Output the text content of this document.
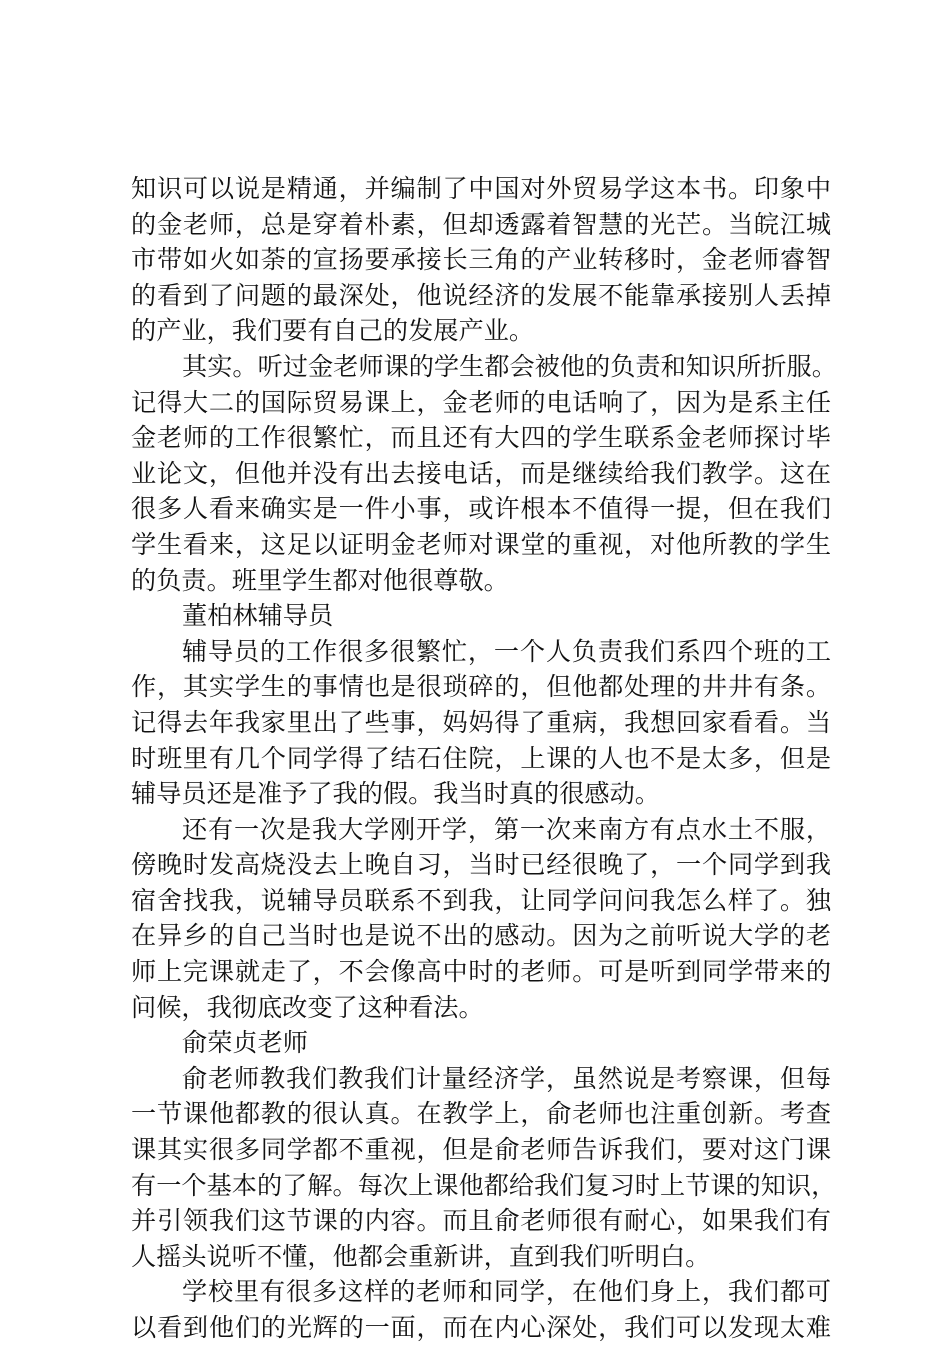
知识可以说是精通，并编制了中国对外贸易学这本书。印象中
的金老师，总是穿着朴素，但却透露着智慧的光芒。当皖江城
市带如火如荼的宣扬要承接长三角的产业转移时，金老师睿智
的看到了问题的最深处，他说经济的发展不能靠承接别人丢掉
的产业，我们要有自己的发展产业。
其实。听过金老师课的学生都会被他的负责和知识所折服。
记得大二的国际贸易课上，金老师的电话响了，因为是系主任
金老师的工作很繁忙，而且还有大四的学生联系金老师探讨毕
业论文，但他并没有出去接电话，而是继续给我们教学。这在
很多人看来确实是一件小事，或许根本不值得一提，但在我们
学生看来，这足以证明金老师对课堂的重视，对他所教的学生
的负责。班里学生都对他很尊敬。
董柏林辅导员
辅导员的工作很多很繁忙，一个人负责我们系四个班的工
作，其实学生的事情也是很琐碎的，但他都处理的井井有条。
记得去年我家里出了些事，妈妈得了重病，我想回家看看。当
时班里有几个同学得了结石住院，上课的人也不是太多，但是
辅导员还是准予了我的假。我当时真的很感动。
还有一次是我大学刚开学，第一次来南方有点水土不服，
傍晚时发高烧没去上晚自习，当时已经很晚了，一个同学到我
宿舍找我，说辅导员联系不到我，让同学问问我怎么样了。独
在异乡的自己当时也是说不出的感动。因为之前听说大学的老
师上完课就走了，不会像高中时的老师。可是听到同学带来的
问候，我彻底改变了这种看法。
俞荣贞老师
俞老师教我们教我们计量经济学，虽然说是考察课，但每
一节课他都教的很认真。在教学上，俞老师也注重创新。考查
课其实很多同学都不重视，但是俞老师告诉我们，要对这门课
有一个基本的了解。每次上课他都给我们复习时上节课的知识，
并引领我们这节课的内容。而且俞老师很有耐心，如果我们有
人摇头说听不懂，他都会重新讲，直到我们听明白。
学校里有很多这样的老师和同学，在他们身上，我们都可
以看到他们的光辉的一面，而在内心深处，我们可以发现太难
